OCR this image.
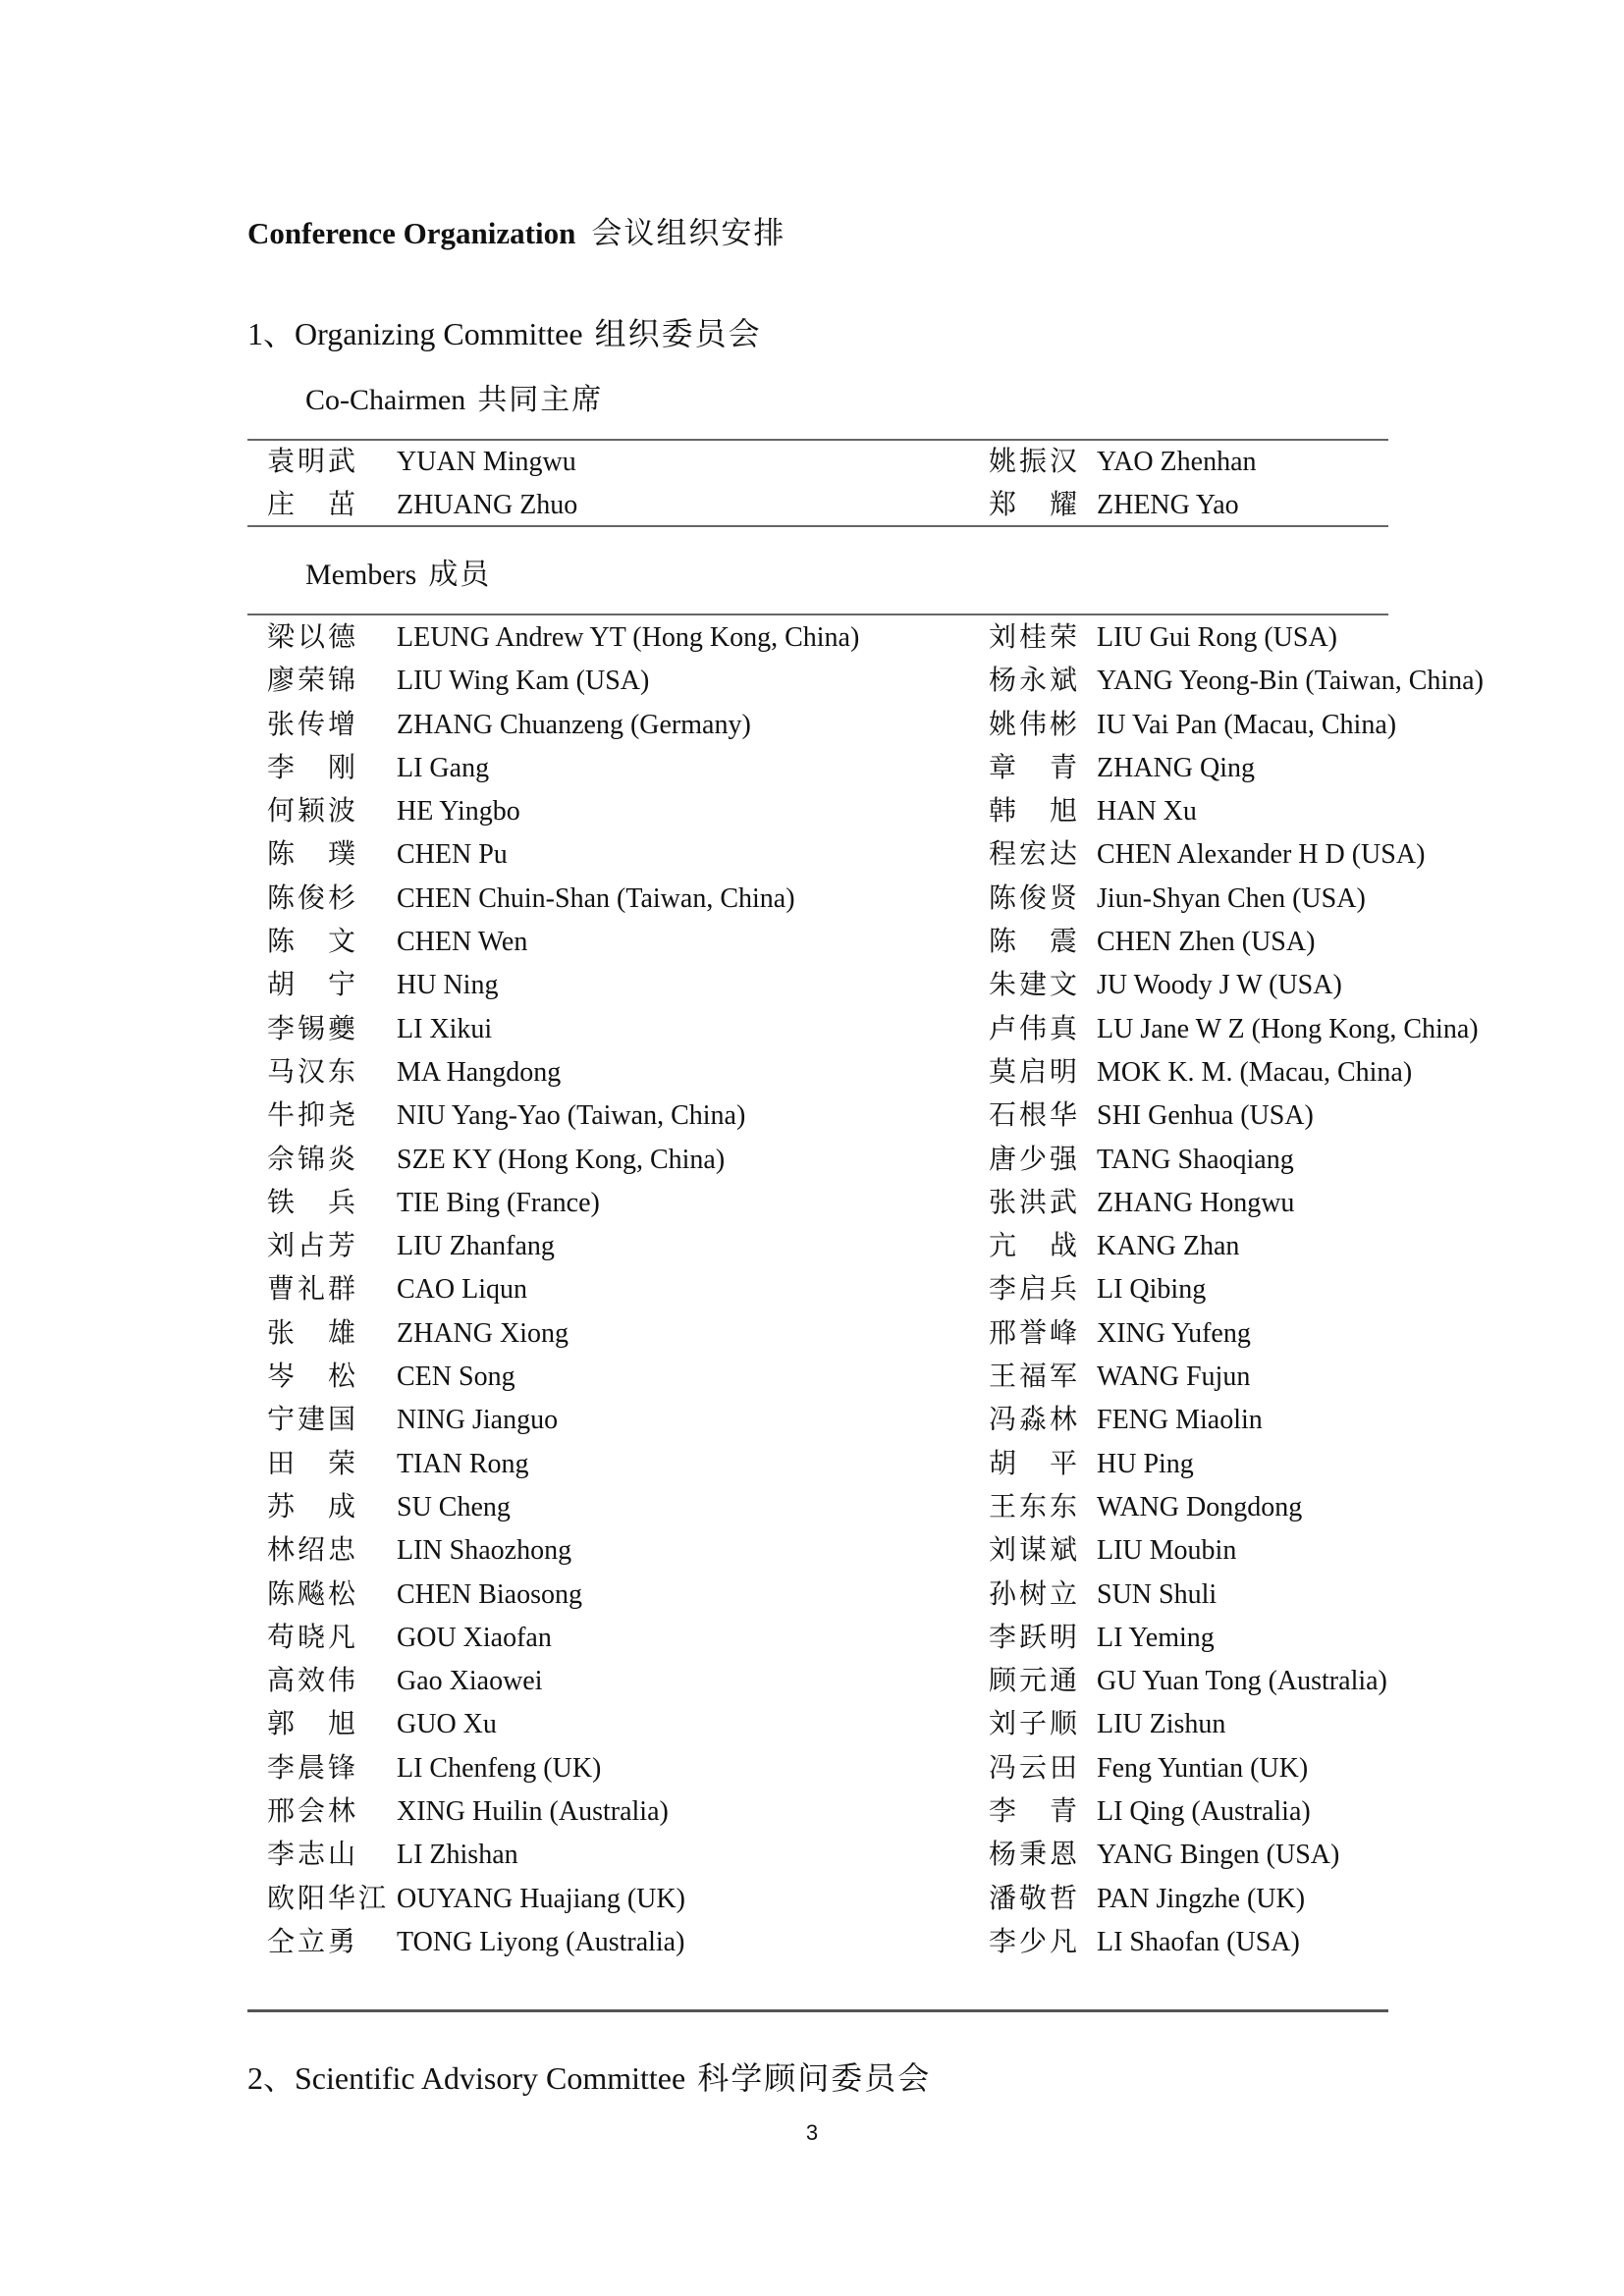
Conference Organization 会议组织安排
1、Organizing Committee 组织委员会
Co-Chairmen 共同主席
袁明武	YUAN Mingwu	姚振汉	YAO Zhenhan
庄　茁	ZHUANG Zhuo	郑　耀	ZHENG Yao
Members 成员
梁以德	LEUNG Andrew YT (Hong Kong, China)	刘桂荣	LIU Gui Rong (USA)
廖荣锦	LIU Wing Kam (USA)	杨永斌	YANG Yeong-Bin (Taiwan, China)
张传增	ZHANG Chuanzeng (Germany)	姚伟彬	IU Vai Pan (Macau, China)
李　刚	LI Gang	章　青	ZHANG Qing
何颖波	HE Yingbo	韩　旭	HAN Xu
陈　璞	CHEN Pu	程宏达	CHEN Alexander H D (USA)
陈俊杉	CHEN Chuin-Shan (Taiwan, China)	陈俊贤	Jiun-Shyan Chen (USA)
陈　文	CHEN Wen	陈　震	CHEN Zhen (USA)
胡　宁	HU Ning	朱建文	JU Woody J W (USA)
李锡夔	LI Xikui	卢伟真	LU Jane W Z (Hong Kong, China)
马汉东	MA Hangdong	莫启明	MOK K. M. (Macau, China)
牛抑尧	NIU Yang-Yao (Taiwan, China)	石根华	SHI Genhua (USA)
佘锦炎	SZE KY (Hong Kong, China)	唐少强	TANG Shaoqiang
铁　兵	TIE Bing (France)	张洪武	ZHANG Hongwu
刘占芳	LIU Zhanfang	亢　战	KANG Zhan
曹礼群	CAO Liqun	李启兵	LI Qibing
张　雄	ZHANG Xiong	邢誉峰	XING Yufeng
岑　松	CEN Song	王福军	WANG Fujun
宁建国	NING Jianguo	冯淼林	FENG Miaolin
田　荣	TIAN Rong	胡　平	HU Ping
苏　成	SU Cheng	王东东	WANG Dongdong
林绍忠	LIN Shaozhong	刘谋斌	LIU Moubin
陈飚松	CHEN Biaosong	孙树立	SUN Shuli
苟晓凡	GOU Xiaofan	李跃明	LI Yeming
高效伟	Gao Xiaowei	顾元通	GU Yuan Tong (Australia)
郭　旭	GUO Xu	刘子顺	LIU Zishun
李晨锋	LI Chenfeng (UK)	冯云田	Feng Yuntian (UK)
邢会林	XING Huilin (Australia)	李　青	LI Qing (Australia)
李志山	LI Zhishan	杨秉恩	YANG Bingen (USA)
欧阳华江	OUYANG Huajiang (UK)	潘敬哲	PAN Jingzhe (UK)
仝立勇	TONG Liyong (Australia)	李少凡	LI Shaofan (USA)
2、Scientific Advisory Committee 科学顾问委员会
3
